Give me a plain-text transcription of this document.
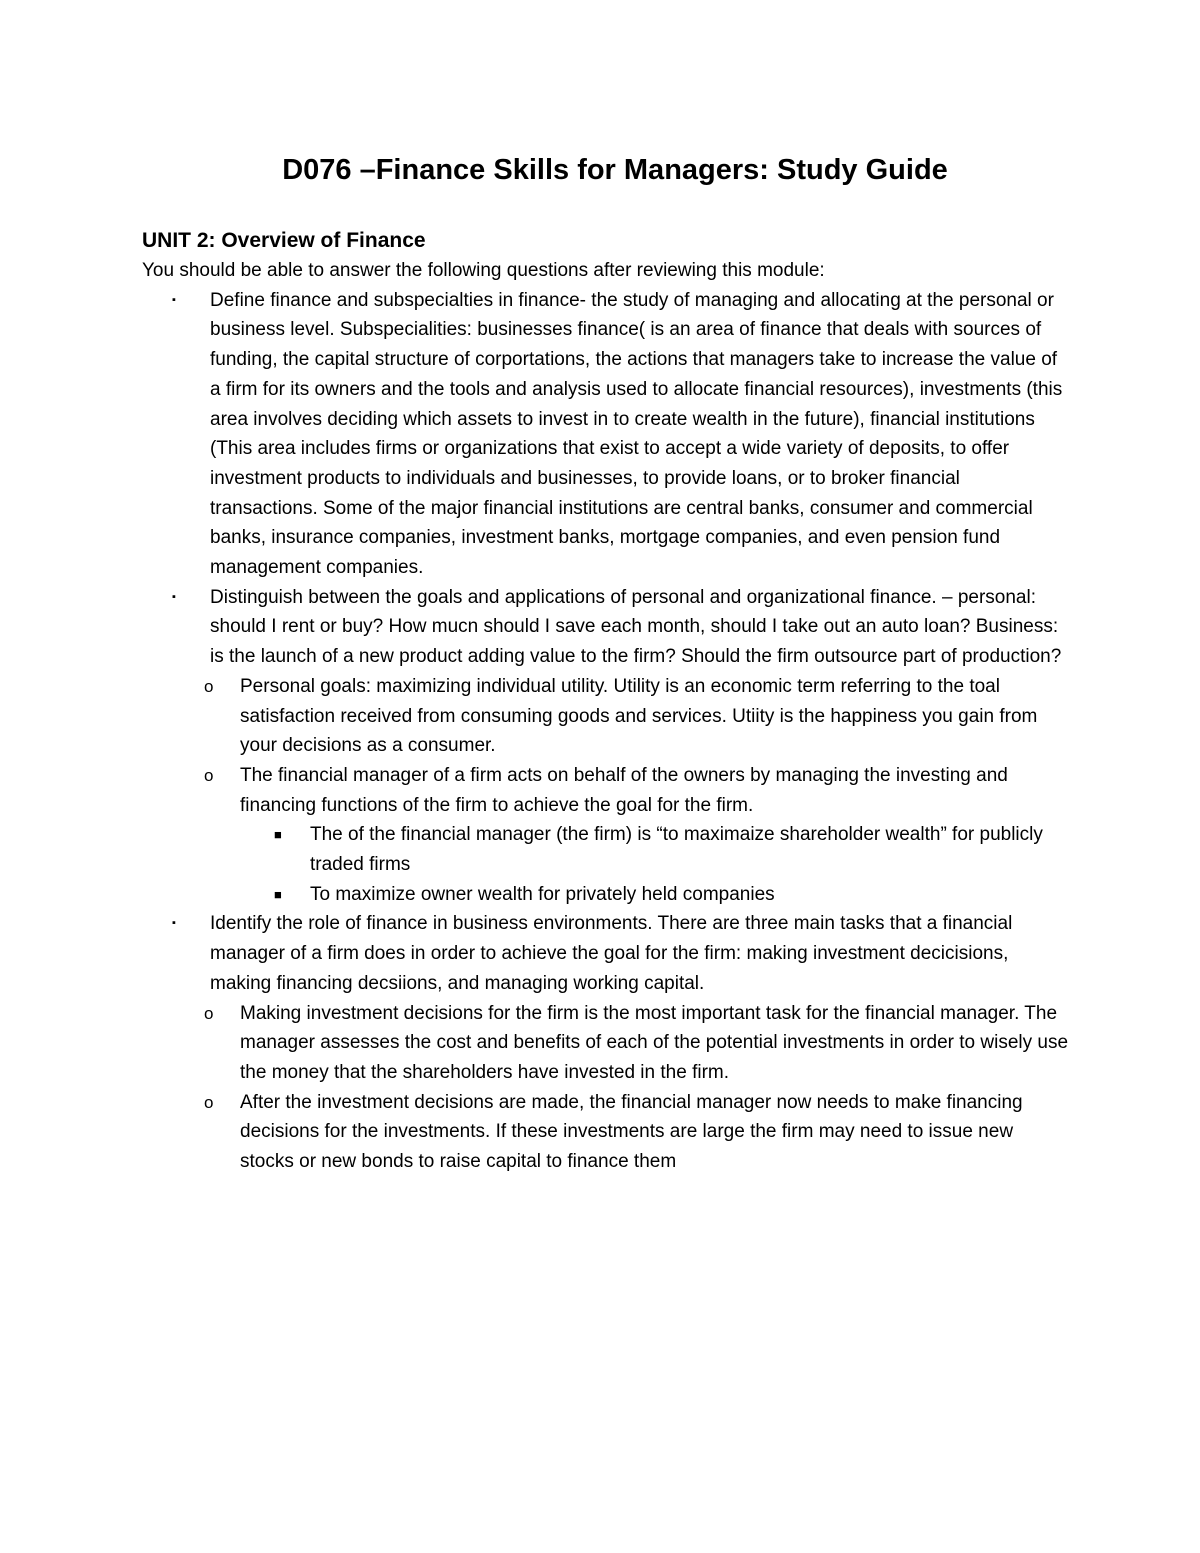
D076 –Finance Skills for Managers: Study Guide
UNIT 2: Overview of Finance

You should be able to answer the following questions after reviewing this module:

▪ Define finance and subspecialties in finance- the study of managing and allocating at the personal or business level. Subspecialities: businesses finance( is an area of finance that deals with sources of funding, the capital structure of corportations, the actions that managers take to increase the value of a firm for its owners and the tools and analysis used to allocate financial resources), investments (this area involves deciding which assets to invest in to create wealth in the future), financial institutions (This area includes firms or organizations that exist to accept a wide variety of deposits, to offer investment products to individuals and businesses, to provide loans, or to broker financial transactions. Some of the major financial institutions are central banks, consumer and commercial banks, insurance companies, investment banks, mortgage companies, and even pension fund management companies.
▪ Distinguish between the goals and applications of personal and organizational finance. – personal: should I rent or buy? How mucn should I save each month, should I take out an auto loan? Business: is the launch of a new product adding value to the firm? Should the firm outsource part of production?
o Personal goals: maximizing individual utility. Utility is an economic term referring to the toal satisfaction received from consuming goods and services. Utiity is the happiness you gain from your decisions as a consumer.
o The financial manager of a firm acts on behalf of the owners by managing the investing and financing functions of the firm to achieve the goal for the firm.
■ The of the financial manager (the firm) is “to maximaize shareholder wealth” for publicly traded firms
■ To maximize owner wealth for privately held companies
▪ Identify the role of finance in business environments. There are three main tasks that a financial manager of a firm does in order to achieve the goal for the firm: making investment decicisions, making financing decsiions, and managing working capital.
o Making investment decisions for the firm is the most important task for the financial manager. The manager assesses the cost and benefits of each of the potential investments in order to wisely use the money that the shareholders have invested in the firm.
o After the investment decisions are made, the financial manager now needs to make financing decisions for the investments. If these investments are large the firm may need to issue new stocks or new bonds to raise capital to finance them
